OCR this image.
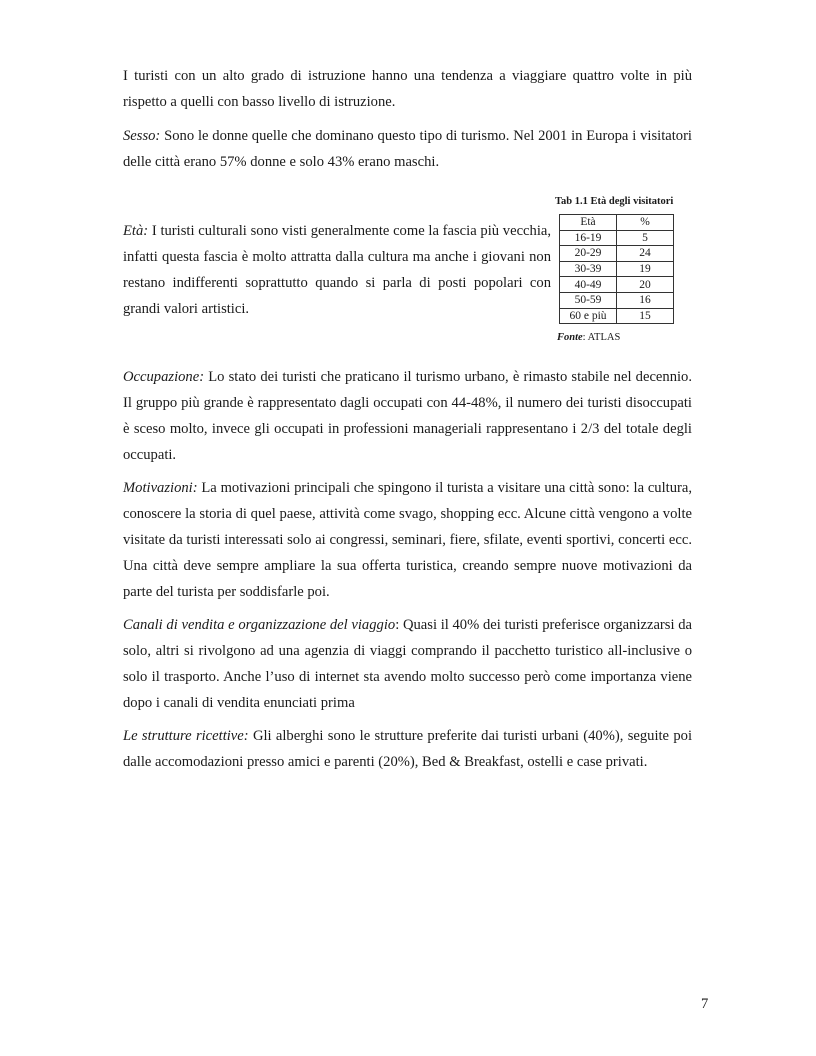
I turisti con un alto grado di istruzione hanno una tendenza a viaggiare quattro volte in più rispetto a quelli con basso livello di istruzione.

Sesso: Sono le donne quelle che dominano questo tipo di turismo. Nel 2001 in Europa i visitatori delle città erano 57% donne e solo 43% erano maschi.

Tab 1.1 Età degli visitatori

Età	%
16-19	5
20-29	24
30-39	19
40-49	20
50-59	16
60 e più	15

Fonte: ATLAS

Età: I turisti culturali sono visti generalmente come la fascia più vecchia, infatti questa fascia è molto attratta dalla cultura ma anche i giovani non restano indifferenti soprattutto quando si parla di posti popolari con grandi valori artistici.

Occupazione: Lo stato dei turisti che praticano il turismo urbano, è rimasto stabile nel decennio. Il gruppo più grande è rappresentato dagli occupati con 44-48%, il numero dei turisti disoccupati è sceso molto, invece gli occupati in professioni manageriali rappresentano i 2/3 del totale degli occupati.

Motivazioni: La motivazioni principali che spingono il turista a visitare una città sono: la cultura, conoscere la storia di quel paese, attività come svago, shopping ecc. Alcune città vengono a volte visitate da turisti interessati solo ai congressi, seminari, fiere, sfilate, eventi sportivi, concerti ecc. Una città deve sempre ampliare la sua offerta turistica, creando sempre nuove motivazioni da parte del turista per soddisfarle poi.

Canali di vendita e organizzazione del viaggio: Quasi il 40% dei turisti preferisce organizzarsi da solo, altri si rivolgono ad una agenzia di viaggi comprando il pacchetto turistico all-inclusive o solo il trasporto. Anche l’uso di internet sta avendo molto successo però come importanza viene dopo i canali di vendita enunciati prima

Le strutture ricettive: Gli alberghi sono le strutture preferite dai turisti urbani (40%), seguite poi dalle accomodazioni presso amici e parenti (20%), Bed & Breakfast, ostelli e case privati.

7
